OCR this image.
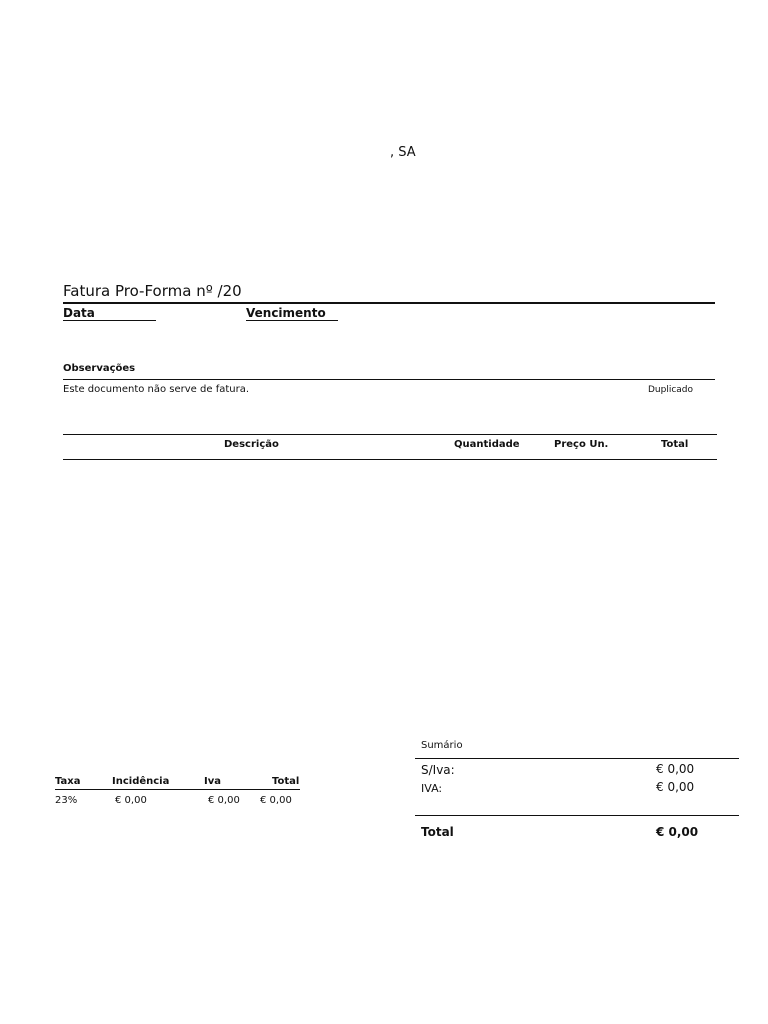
, SA
Fatura Pro-Forma nº /20
Data	Vencimento
Observações
Este documento não serve de fatura.	Duplicado
Descrição	Quantidade	Preço Un.	Total
Taxa	Incidência	Iva	Total
23%	€ 0,00	€ 0,00 € 0,00
Sumário
S/Iva:	€ 0,00
IVA:	€ 0,00
Total	€ 0,00
